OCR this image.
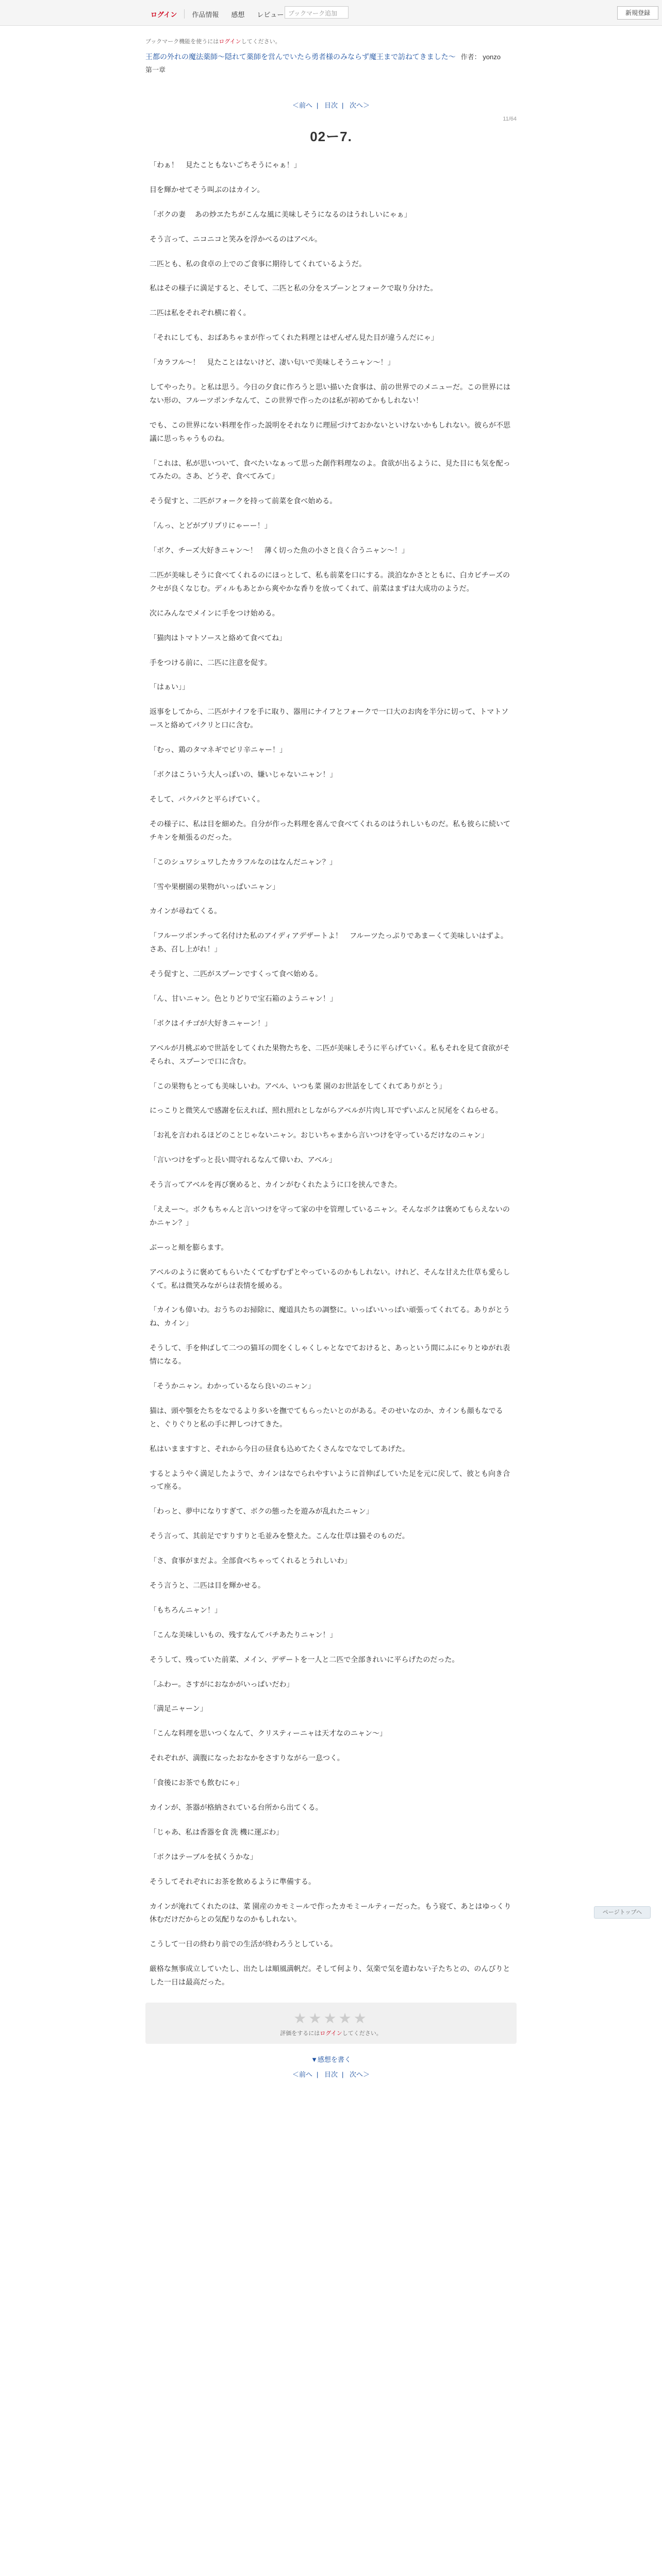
ログイン	作品情報	感想	レビュー ブックマーク追加	新規登録
ブックマーク機能を使うにはログインしてください。
王都の外れの魔法薬師～隠れて薬師を営んでいたら勇者様のみならず魔王まで訪ねてきました～ 作者： yonzo
第一章
＜前へ | 目次 | 次へ＞
11/64
02ー7.

「わぁ！　見たこともないごちそうにゃぁ！」

目を輝かせてそう叫ぶのはカイン。

「ボクの妻 　あの炒ヱたちがこんな風に美味しそうになるのはうれしいにゃぁ」

そう言って、ニコニコと笑みを浮かべるのはアベル。

二匹とも、私の食卓の上でのご食事に期待してくれているようだ。

私はその様子に満足すると、そして、二匹と私の分をスプーンとフォークで取り分けた。

二匹は私をそれぞれ横に着く。

「それにしても、おばあちゃまが作ってくれた料理とはぜんぜん見た目が違うんだにゃ」

「カラフル～！　見たことはないけど、凄い匂いで美味しそうニャン～！」

してやったり。と私は思う。今日の夕食に作ろうと思い描いた食事は、前の世界でのメニューだ。この世界にはない形の、フルーツポンチなんて、この世界で作ったのは私が初めてかもしれない！

でも、この世界にない料理を作った説明をそれなりに理屈づけておかないといけないかもしれない。彼らが不思議に思っちゃうものね。

「これは、私が思いついて、食べたいなぁって思った創作料理なのよ。食欲が出るように、見た目にも気を配ってみたの。さあ、どうぞ、食べてみて」

そう促すと、二匹がフォークを持って前菜を食べ始める。

「んっ、とどがプリプリにゃーー！」

「ボク、チーズ大好きニャン～！　薄く切った魚の小さと良く合うニャン～！」

二匹が美味しそうに食べてくれるのにほっとして、私も前菜を口にする。淡泊なかさとともに、白カビチーズのクセが良くなじむ。ディルもあとから爽やかな香りを放ってくれて、前菜はまずは大成功のようだ。

次にみんなでメインに手をつけ始める。

「猫肉はトマトソースと絡めて食べてね」

手をつける前に、二匹に注意を促す。

「はぁい」」

返事をしてから、二匹がナイフを手に取り、器用にナイフとフォークで一口大のお肉を半分に切って、トマトソースと絡めてパクリと口に含む。

「むっ、鶏のタマネギでピリ辛ニャー！」

「ボクはこういう大人っぽいの、嫌いじゃないニャン！」

そして、パクパクと平らげていく。

その様子に、私は目を細めた。自分が作った料理を喜んで食べてくれるのはうれしいものだ。私も彼らに続いてチキンを頬張るのだった。

「このシュワシュワしたカラフルなのはなんだニャン？」

「雪や果樹園の果物がいっぱいニャン」

カインが尋ねてくる。

「フルーツポンチって名付けた私のアイディアデザートよ！　フルーツたっぷりであまーくて美味しいはずよ。さあ、召し上がれ！」

そう促すと、二匹がスプーンですくって食べ始める。

「ん、甘いニャン。色とりどりで宝石箱のようニャン！」

「ボクはイチゴが大好きニャーン！」

アベルが月桃ぶめで世話をしてくれた果物たちを、二匹が美味しそうに平らげていく。私もそれを見て食欲がそそられ、スプーンで口に含む。

「この果物もとっても美味しいわ。アベル、いつも菜 園のお世話をしてくれてありがとう」

にっこりと微笑んで感謝を伝えれば、照れ照れとしながらアベルが片肉し耳でずいぶんと尻尾をくねらせる。

「お礼を言われるほどのことじゃないニャン。おじいちゃまから言いつけを守っているだけなのニャン」

「言いつけをずっと長い間守れるなんて偉いわ、アベル」

そう言ってアベルを再び褒めると、カインがむくれたように口を挟んできた。

「ええー～。ボクもちゃんと言いつけを守って家の中を管理しているニャン。そんなボクは褒めてもらえないのかニャン？」

ぶーっと頬を膨らます。

アベルのように褒めてもらいたくてむずむずとやっているのかもしれない。けれど、そんな甘えた仕草も愛らしくて。私は微笑みながらは表情を緩める。

「カインも偉いわ。おうちのお掃除に、魔道具たちの調整に。いっぱいいっぱい頑張ってくれてる。ありがとうね、カイン」

そうして、手を伸ばして二つの猫耳の間をくしゃくしゃとなでておけると、あっという間にふにゃりとゆがれ表情になる。

「そうかニャン。わかっているなら良いのニャン」

猫は、頭や顎をたちをなでるより多いを撫でてもらったいとのがある。そのせいなのか、カインも顔もなでると、ぐりぐりと私の手に押しつけてきた。

私はいまますすと、それから今日の昼食も込めてたくさんなでなでしてあげた。

するとようやく満足したようで、カインはなでられやすいように首伸ばしていた足を元に戻して、彼とも向き合って座る。

「わっと、夢中になりすぎて、ボクの態ったを遊みが乱れたニャン」

そう言って、其前足ですりすりと毛並みを整えた。こんな仕草は猫そのものだ。

「さ、食事がまだよ。全部食べちゃってくれるとうれしいわ」

そう言うと、二匹は目を輝かせる。

「もちろんニャン！」

「こんな美味しいもの、残すなんてバチあたりニャン！」

そうして、残っていた前菜、メイン、デザートを一人と二匹で全部きれいに平らげたのだった。

「ふわー。さすがにおなかがいっぱいだわ」

「満足ニャーン」

「こんな料理を思いつくなんて、クリスティーニャは天才なのニャン～」

それぞれが、満腹になったおなかをさすりながら一息つく。

「食後にお茶でも飲むにゃ」

カインが、茶器が格納されている台所から出てくる。

「じゃあ、私は香器を食 洗 機に運ぶわ」

「ボクはテーブルを拭くうかな」

そうしてそれぞれにお茶を飲めるように準備する。

カインが淹れてくれたのは、菜 園産のカモミールで作ったカモミールティーだった。もう寝て、あとはゆっくり休むだけだからとの気配りなのかもしれない。

こうして一日の終わり前での生活が終わろうとしている。

厳格な無事成立していたし、出たしは順風満帆だ。そして何より、気楽で気を遣わない子たちとの、のんびりとした一日は最高だった。

★★★★★
評価をするにはログインしてください。
▼感想を書く
＜前へ | 目次 | 次へ＞
ページトップへ
